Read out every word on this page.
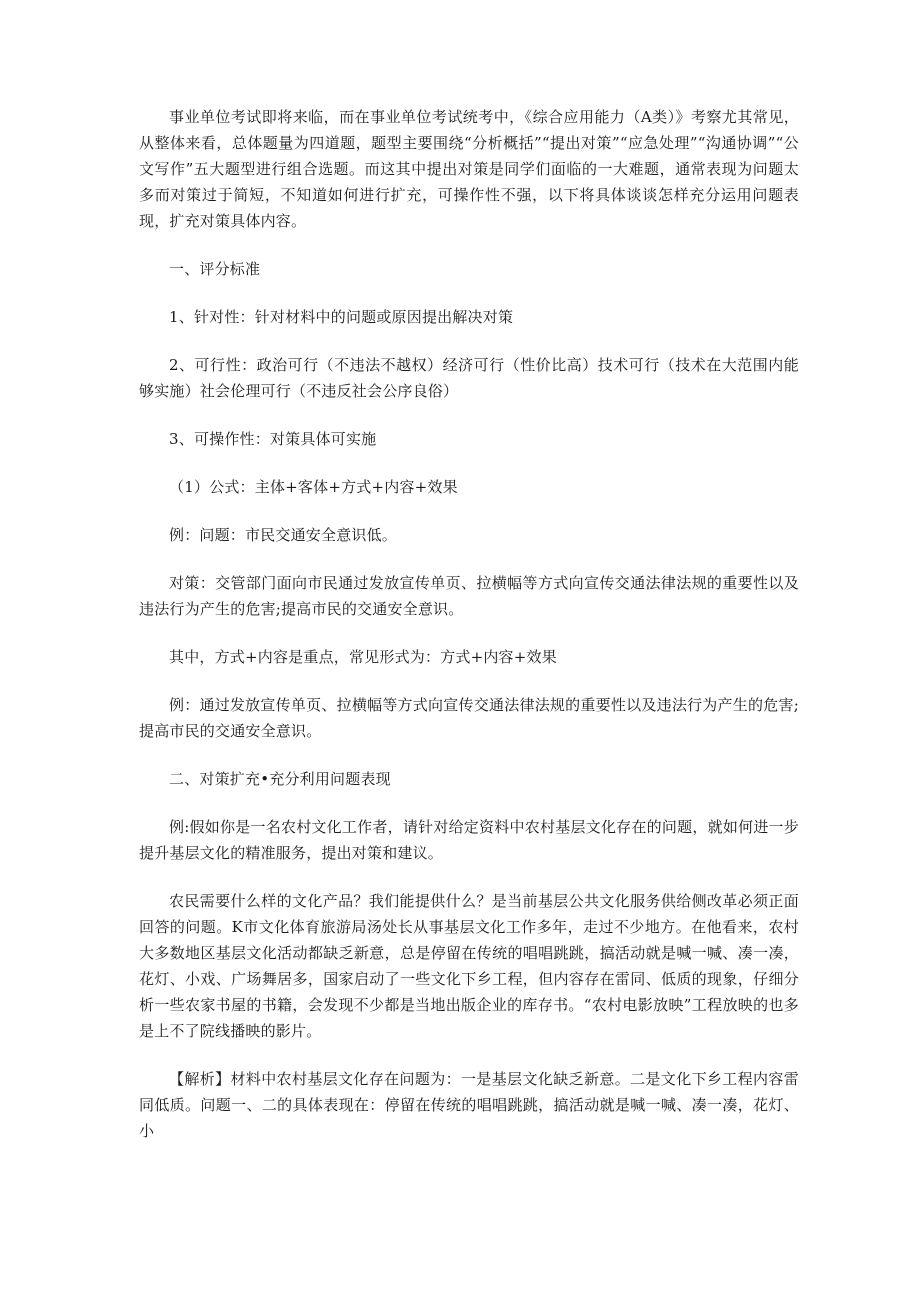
事业单位考试即将来临，而在事业单位考试统考中，《综合应用能力（A类）》考察尤其常见，从整体来看，总体题量为四道题，题型主要围绕“分析概括”“提出对策”“应急处理”“沟通协调”“公文写作”五大题型进行组合选题。而这其中提出对策是同学们面临的一大难题，通常表现为问题太多而对策过于简短，不知道如何进行扩充，可操作性不强，以下将具体谈谈怎样充分运用问题表现，扩充对策具体内容。

一、评分标准

1、针对性：针对材料中的问题或原因提出解决对策

2、可行性：政治可行（不违法不越权）经济可行（性价比高）技术可行（技术在大范围内能够实施）社会伦理可行（不违反社会公序良俗）

3、可操作性：对策具体可实施

（1）公式：主体+客体+方式+内容+效果

例：问题：市民交通安全意识低。

对策：交管部门面向市民通过发放宣传单页、拉横幅等方式向宣传交通法律法规的重要性以及违法行为产生的危害;提高市民的交通安全意识。

其中，方式+内容是重点，常见形式为：方式+内容+效果

例：通过发放宣传单页、拉横幅等方式向宣传交通法律法规的重要性以及违法行为产生的危害;提高市民的交通安全意识。

二、对策扩充•充分利用问题表现

例:假如你是一名农村文化工作者，请针对给定资料中农村基层文化存在的问题，就如何进一步提升基层文化的精准服务，提出对策和建议。

农民需要什么样的文化产品？我们能提供什么？是当前基层公共文化服务供给侧改革必须正面回答的问题。K市文化体育旅游局汤处长从事基层文化工作多年，走过不少地方。在他看来，农村大多数地区基层文化活动都缺乏新意，总是停留在传统的唱唱跳跳，搞活动就是喊一喊、凑一凑，花灯、小戏、广场舞居多，国家启动了一些文化下乡工程，但内容存在雷同、低质的现象，仔细分析一些农家书屋的书籍，会发现不少都是当地出版企业的库存书。“农村电影放映”工程放映的也多是上不了院线播映的影片。

【解析】材料中农村基层文化存在问题为：一是基层文化缺乏新意。二是文化下乡工程内容雷同低质。问题一、二的具体表现在：停留在传统的唱唱跳跳，搞活动就是喊一喊、凑一凑，花灯、小
